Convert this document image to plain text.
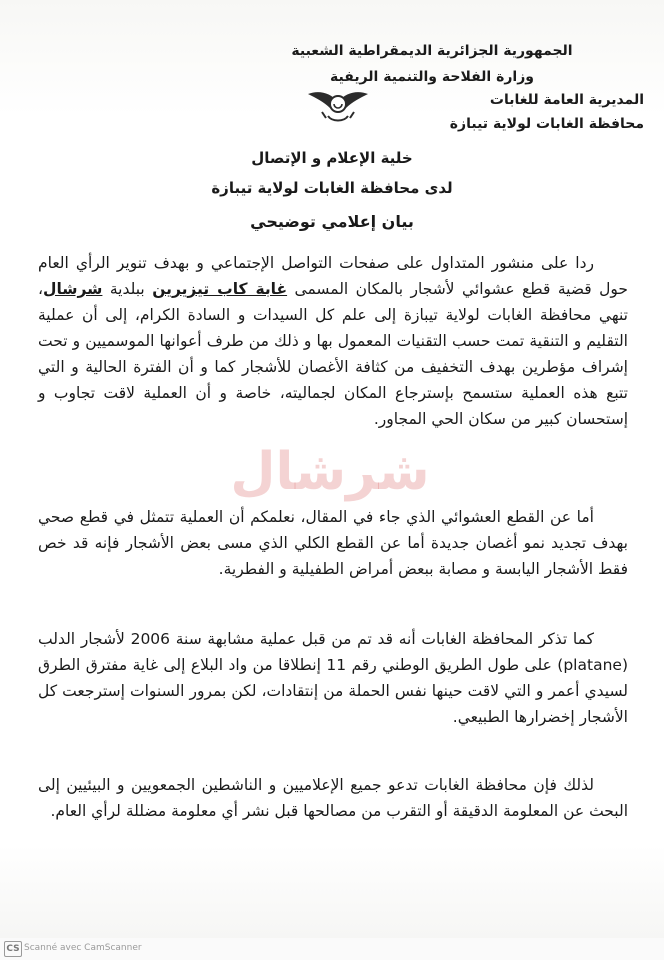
الجمهورية الجزائرية الديمقراطية الشعبية
وزارة الفلاحة والتنمية الريفية
المديرية العامة للغابات
محافظة الغابات لولاية تيبازة
خلية الإعلام و الإتصال
لدى محافظة الغابات لولاية تيبازة
بيان إعلامي توضيحي
ردا على منشور المتداول على صفحات التواصل الإجتماعي و بهدف تنوير الرأي العام حول قضية قطع عشوائي لأشجار بالمكان المسمى غابة كاب تيزيرين ببلدية شرشال، تنهي محافظة الغابات لولاية تيبازة إلى علم كل السيدات و السادة الكرام، إلى أن عملية التقليم و التنقية تمت حسب التقنيات المعمول بها و ذلك من طرف أعوانها الموسميين و تحت إشراف مؤطرين بهدف التخفيف من كثافة الأغصان للأشجار كما و أن الفترة الحالية و التي تتبع هذه العملية ستسمح بإسترجاع المكان لجماليته، خاصة و أن العملية لاقت تجاوب و إستحسان كبير من سكان الحي المجاور.
شرشال
أما عن القطع العشوائي الذي جاء في المقال، نعلمكم أن العملية تتمثل في قطع صحي بهدف تجديد نمو أغصان جديدة أما عن القطع الكلي الذي مسى بعض الأشجار فإنه قد خص فقط الأشجار اليابسة و مصابة ببعض أمراض الطفيلية و الفطرية.
كما تذكر المحافظة الغابات أنه قد تم من قبل عملية مشابهة سنة 2006 لأشجار الدلب (platane) على طول الطريق الوطني رقم 11 إنطلاقا من واد البلاع إلى غاية مفترق الطرق لسيدي أعمر و التي لاقت حينها نفس الحملة من إنتقادات، لكن بمرور السنوات إسترجعت كل الأشجار إخضرارها الطبيعي.
لذلك فإن محافظة الغابات تدعو جميع الإعلاميين و الناشطين الجمعويين و البيئيين إلى البحث عن المعلومة الدقيقة أو التقرب من مصالحها قبل نشر أي معلومة مضللة لرأي العام.
CS Scanné avec CamScanner
